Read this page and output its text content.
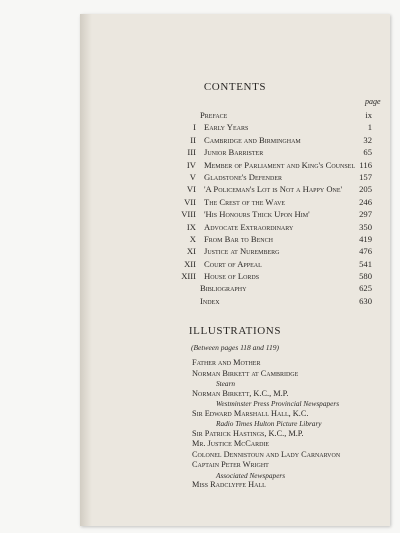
CONTENTS
page
Preface	ix
I Early Years	1
II Cambridge and Birmingham	32
III Junior Barrister	65
IV Member of Parliament and King's Counsel 116
V Gladstone's Defender	157
VI 'A Policeman's Lot is Not a Happy One' 205
VII The Crest of the Wave	246
VIII 'His Honours Thick Upon Him'	297
IX Advocate Extraordinary	350
X From Bar to Bench	419
XI Justice at Nuremberg	476
XII Court of Appeal	541
XIII House of Lords	580
Bibliography	625
Index	630
ILLUSTRATIONS
(Between pages 118 and 119)
Father and Mother
Norman Birkett at Cambridge
Stearn
Norman Birkett, K.C., M.P.
Westminster Press Provincial Newspapers
Sir Edward Marshall Hall, K.C.
Radio Times Hulton Picture Library
Sir Patrick Hastings, K.C., M.P.
Mr. Justice McCardie
Colonel Dennistoun and Lady Carnarvon
Captain Peter Wright
Associated Newspapers
Miss Radclyffe Hall
